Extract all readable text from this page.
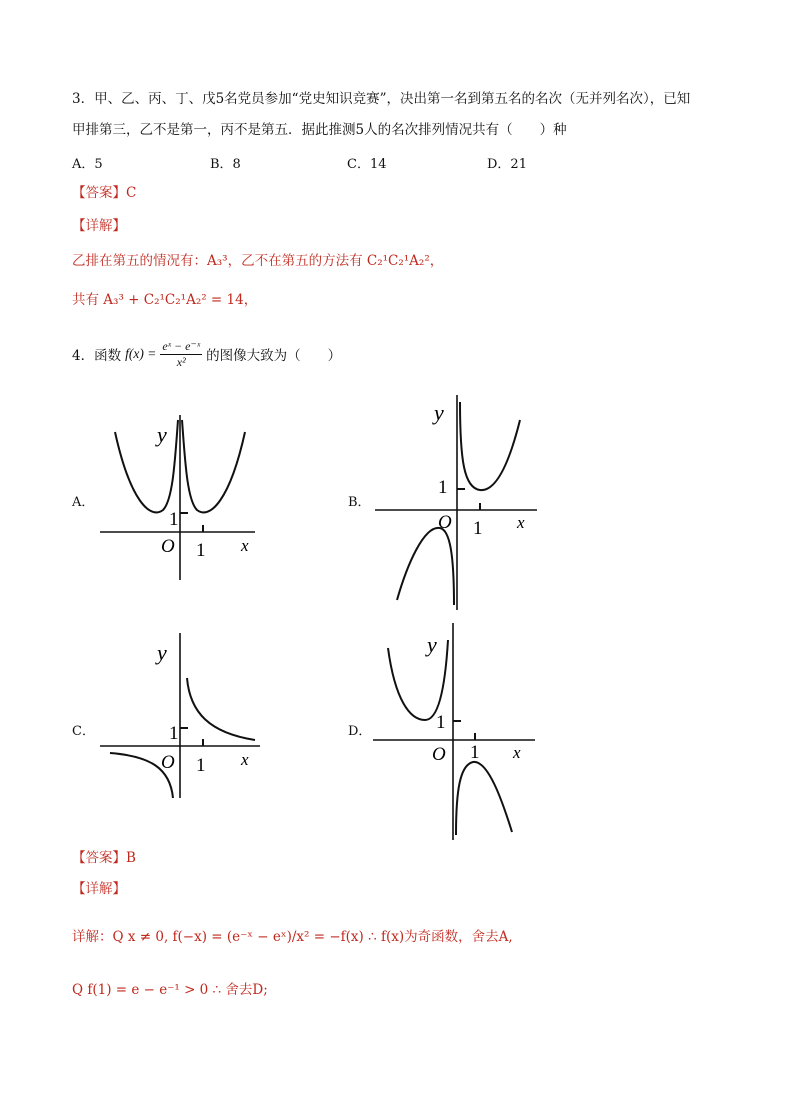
3．甲、乙、丙、丁、戊5名党员参加“党史知识竞赛”，决出第一名到第五名的名次（无并列名次），已知
甲排第三，乙不是第一，丙不是第五．据此推测5人的名次排列情况共有（　　）种
A．5	B．8	C．14	D．21
【答案】C
【详解】
乙排在第五的情况有：A₃³，乙不在第五的方法有 C₂¹C₂¹A₂²，
共有 A₃³ + C₂¹C₂¹A₂² = 14，
4．函数 $f(x) = \frac{\text{eˣ − e⁻ˣ}}{\text{x²}}$ 的图像大致为（　　）
A．	B．
C．	D．
y
x
O
1
1
y
x
O
1
1
y
x
O
1
1
y
x
O
1
1
【答案】B
【详解】
详解：Q x ≠ 0, f(−x) = (e⁻ˣ − eˣ)/x² = −f(x) ∴ f(x)为奇函数，舍去A,
Q f(1) = e − e⁻¹ > 0 ∴ 舍去D;
